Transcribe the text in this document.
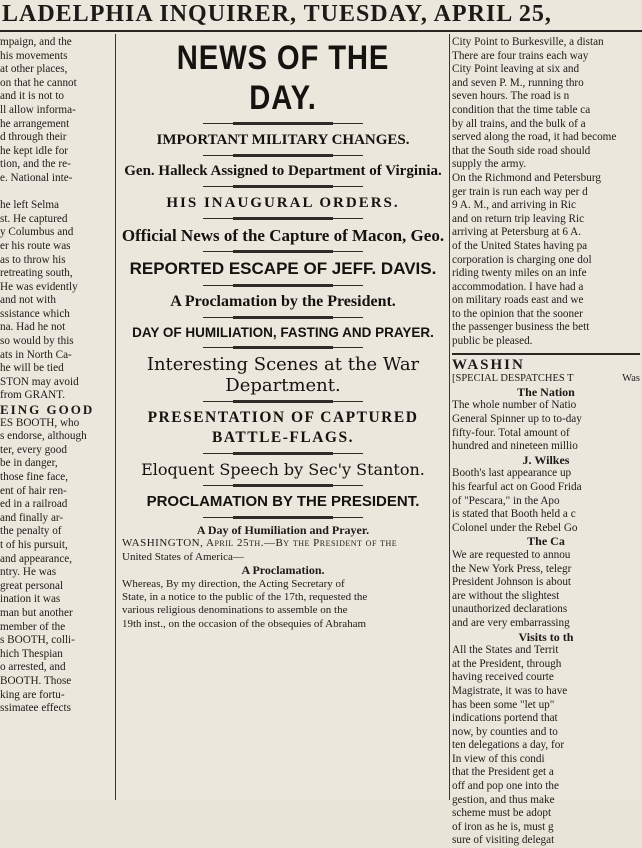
LADELPHIA INQUIRER, TUESDAY, APRIL 25,

mpaign, and the

his movements

at other places,

on that he cannot

and it is not to

ll allow informa-

he arrangement

d through their

he kept idle for

tion, and the re-

e. National inte-

he left Selma

st. He captured

y Columbus and

er his route was

as to throw his

retreating south,

He was evidently

and not with

ssistance which

na. Had he not

so would by this

ats in North Ca-

he will be tied

STON may avoid

from GRANT.

EING GOOD

ES BOOTH, who

s endorse, although

ter, every good

be in danger,

those fine face,

ent of hair ren-

ed in a railroad

and finally ar-

the penalty of

t of his pursuit,

and appearance,

ntry. He was

great personal

ination it was

man but another

member of the

s BOOTH, colli-

hich Thespian

o arrested, and

BOOTH. Those

king are fortu-

ssimatee effects

NEWS OF THE DAY.
IMPORTANT MILITARY CHANGES.
Gen. Halleck Assigned to Department of Virginia.
HIS INAUGURAL ORDERS.
Official News of the Capture of Macon, Geo.
REPORTED ESCAPE OF JEFF. DAVIS.
A Proclamation by the President.
DAY OF HUMILIATION, FASTING AND PRAYER.
Interesting Scenes at the War Department.
PRESENTATION OF CAPTURED BATTLE-FLAGS.
Eloquent Speech by Sec'y Stanton.
PROCLAMATION BY THE PRESIDENT.

A Day of Humiliation and Prayer.

WASHINGTON, April 25th.—By the President of the

United States of America—

A Proclamation.

Whereas, By my direction, the Acting Secretary of

State, in a notice to the public of the 17th, requested the

various religious denominations to assemble on the

19th inst., on the occasion of the obsequies of Abraham

City Point to Burkesville, a distan

There are four trains each way

City Point leaving at six and

and seven P. M., running thro

seven hours. The road is n

condition that the time table ca

by all trains, and the bulk of a

served along the road, it had become

that the South side road should

supply the army.

On the Richmond and Petersburg

ger train is run each way per d

9 A. M., and arriving in Ric

and on return trip leaving Ric

arriving at Petersburg at 6 A.

of the United States having pa

corporation is charging one dol

riding twenty miles on an infe

accommodation. I have had a

on military roads east and we

to the opinion that the sooner

the passenger business the bett

public be pleased.

WASHIN

[SPECIAL DESPATCHES T	Was

The Nation

The whole number of Natio

General Spinner up to to-day

fifty-four. Total amount of

hundred and nineteen millio

J. Wilkes

Booth's last appearance up

his fearful act on Good Frida

of "Pescara," in the Apo

is stated that Booth held a c

Colonel under the Rebel Go

The Ca

We are requested to annou

the New York Press, telegr

President Johnson is about

are without the slightest

unauthorized declarations

and are very embarrassing

Visits to th

All the States and Territ

at the President, through

having received courte

Magistrate, it was to have

has been some "let up"

indications portend that

now, by counties and to

ten delegations a day, for

In view of this condi

that the President get a

off and pop one into the

gestion, and thus make

scheme must be adopt

of iron as he is, must g

sure of visiting delegat
